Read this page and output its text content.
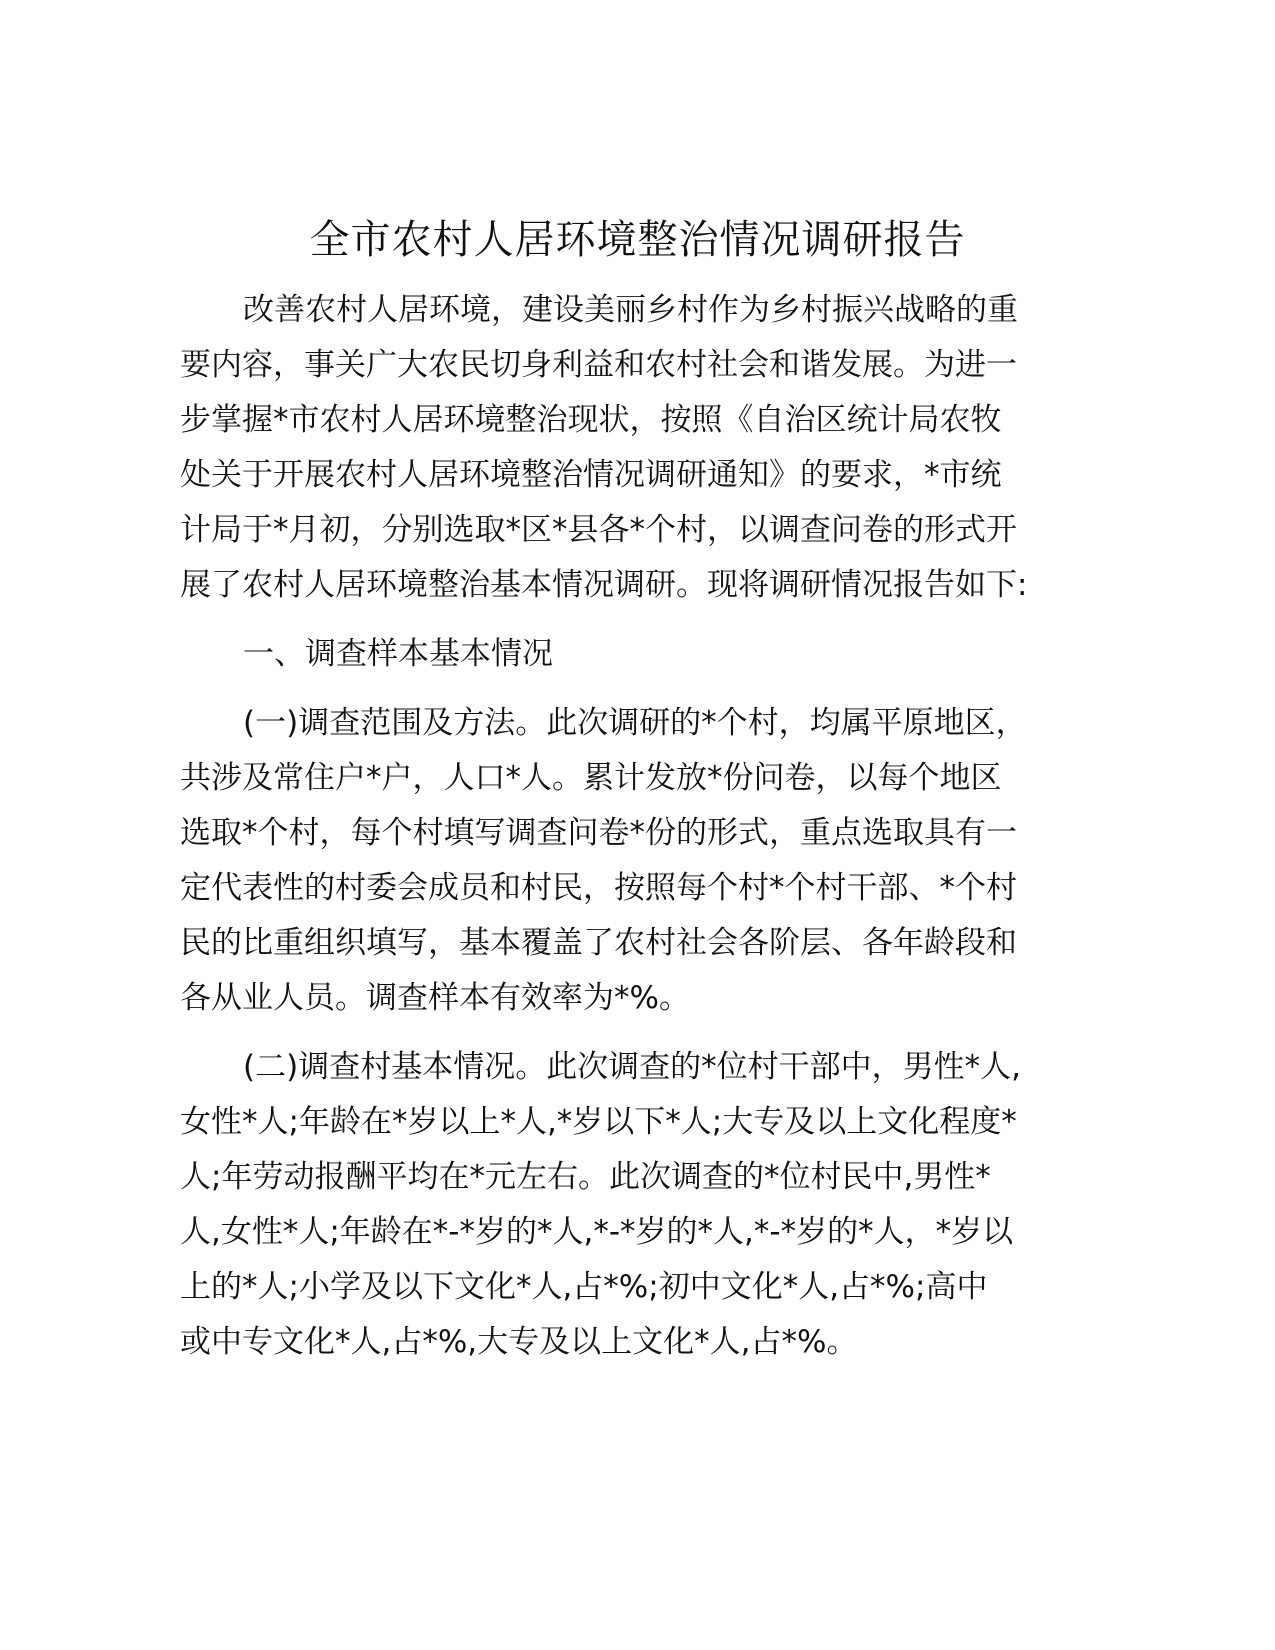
全市农村人居环境整治情况调研报告
改善农村人居环境，建设美丽乡村作为乡村振兴战略的重
要内容，事关广大农民切身利益和农村社会和谐发展。为进一
步掌握*市农村人居环境整治现状，按照《自治区统计局农牧
处关于开展农村人居环境整治情况调研通知》的要求，*市统
计局于*月初，分别选取*区*县各*个村，以调查问卷的形式开
展了农村人居环境整治基本情况调研。现将调研情况报告如下:
一、调查样本基本情况
(一)调查范围及方法。此次调研的*个村，均属平原地区，
共涉及常住户*户，人口*人。累计发放*份问卷，以每个地区
选取*个村，每个村填写调查问卷*份的形式，重点选取具有一
定代表性的村委会成员和村民，按照每个村*个村干部、*个村
民的比重组织填写，基本覆盖了农村社会各阶层、各年龄段和
各从业人员。调查样本有效率为*%。
(二)调查村基本情况。此次调查的*位村干部中，男性*人,
女性*人;年龄在*岁以上*人,*岁以下*人;大专及以上文化程度*
人;年劳动报酬平均在*元左右。此次调查的*位村民中,男性*
人,女性*人;年龄在*-*岁的*人,*-*岁的*人,*-*岁的*人，*岁以
上的*人;小学及以下文化*人,占*%;初中文化*人,占*%;高中
或中专文化*人,占*%,大专及以上文化*人,占*%。
